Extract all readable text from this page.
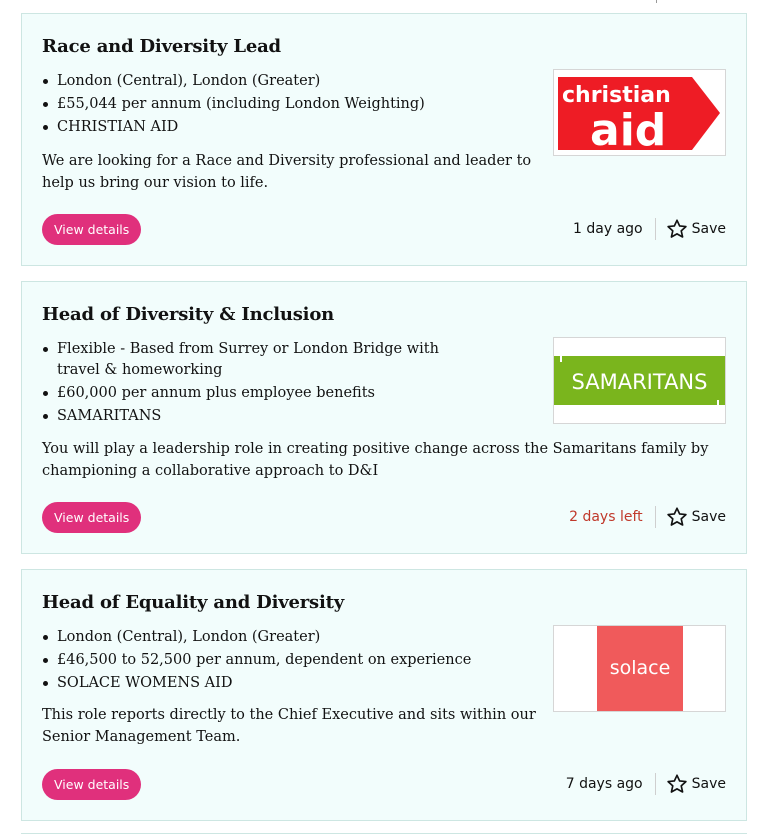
Race and Diversity Lead
London (Central), London (Greater)
£55,044 per annum (including London Weighting)
CHRISTIAN AID

We are looking for a Race and Diversity professional and leader to help us bring our vision to life.

christian
aid
View details	1 day ago	Save
Head of Diversity & Inclusion
Flexible - Based from Surrey or London Bridge with travel & homeworking
£60,000 per annum plus employee benefits
SAMARITANS

You will play a leadership role in creating positive change across the Samaritans family by championing a collaborative approach to D&I

SAMARITANS
View details	2 days left	Save
Head of Equality and Diversity
London (Central), London (Greater)
£46,500 to 52,500 per annum, dependent on experience
SOLACE WOMENS AID

This role reports directly to the Chief Executive and sits within our Senior Management Team.

solace
View details	7 days ago	Save
